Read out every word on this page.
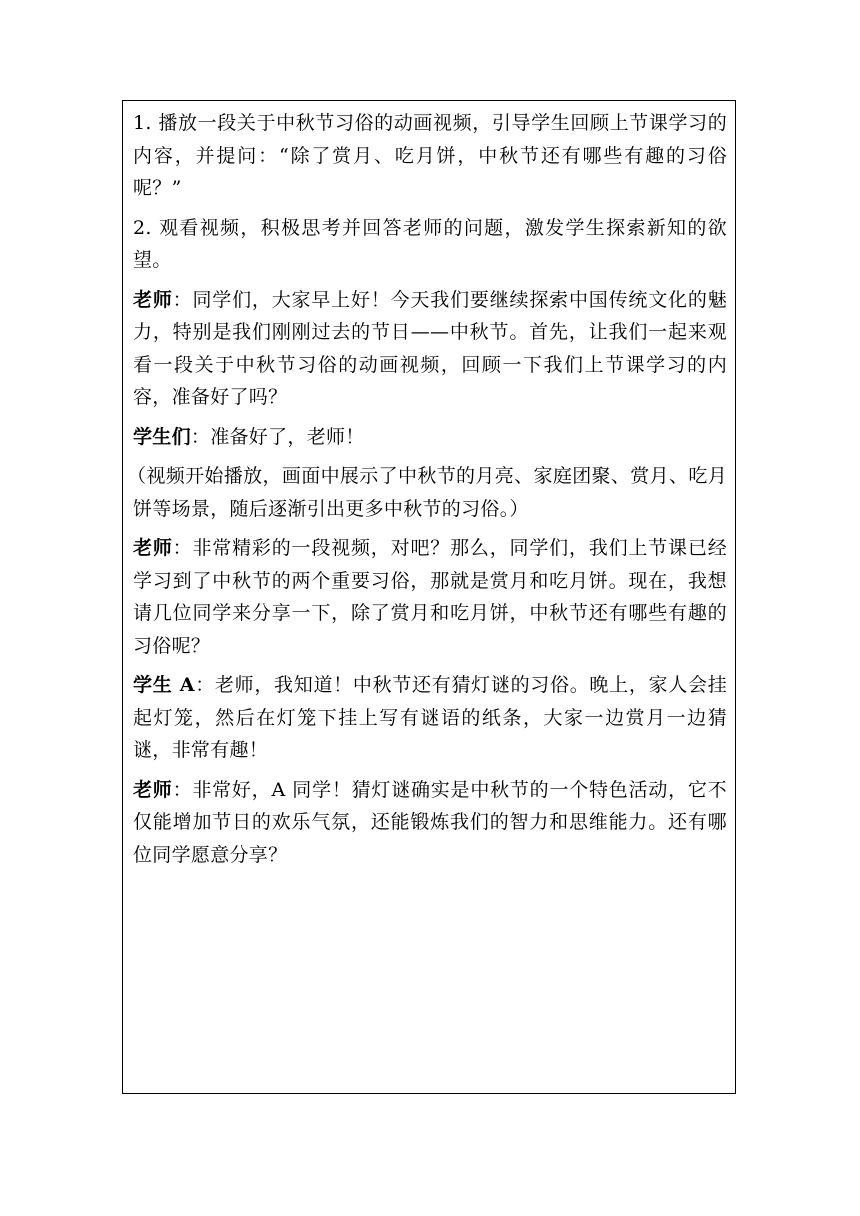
1. 播放一段关于中秋节习俗的动画视频，引导学生回顾上节课学习的内容，并提问：“除了赏月、吃月饼，中秋节还有哪些有趣的习俗呢？”

2. 观看视频，积极思考并回答老师的问题，激发学生探索新知的欲望。

老师：同学们，大家早上好！今天我们要继续探索中国传统文化的魅力，特别是我们刚刚过去的节日——中秋节。首先，让我们一起来观看一段关于中秋节习俗的动画视频，回顾一下我们上节课学习的内容，准备好了吗？

学生们：准备好了，老师！

（视频开始播放，画面中展示了中秋节的月亮、家庭团聚、赏月、吃月饼等场景，随后逐渐引出更多中秋节的习俗。）

老师：非常精彩的一段视频，对吧？那么，同学们，我们上节课已经学习到了中秋节的两个重要习俗，那就是赏月和吃月饼。现在，我想请几位同学来分享一下，除了赏月和吃月饼，中秋节还有哪些有趣的习俗呢？

学生 A：老师，我知道！中秋节还有猜灯谜的习俗。晚上，家人会挂起灯笼，然后在灯笼下挂上写有谜语的纸条，大家一边赏月一边猜谜，非常有趣！

老师：非常好，A 同学！猜灯谜确实是中秋节的一个特色活动，它不仅能增加节日的欢乐气氛，还能锻炼我们的智力和思维能力。还有哪位同学愿意分享？
